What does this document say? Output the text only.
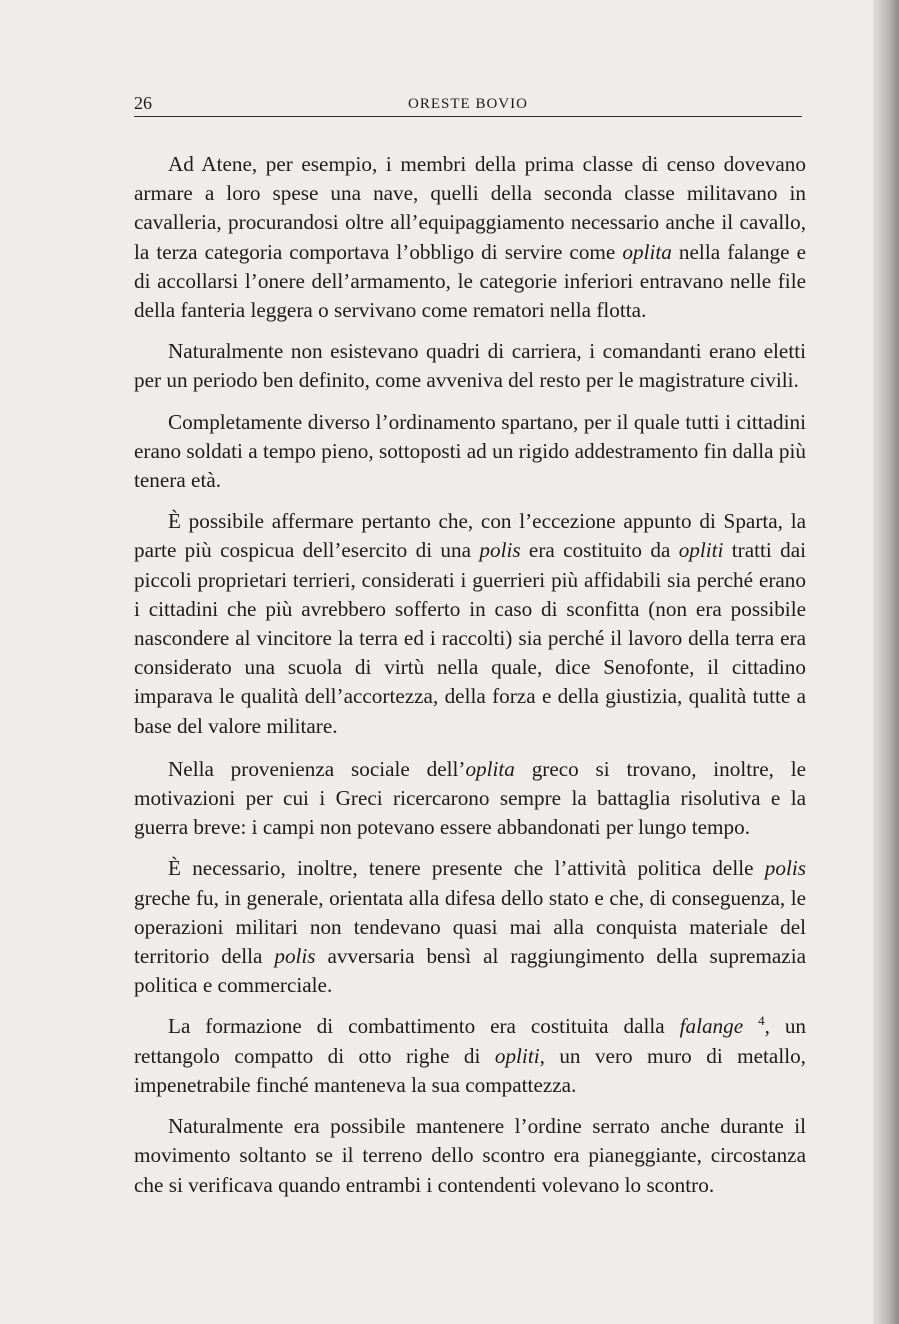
26	ORESTE BOVIO

Ad Atene, per esempio, i membri della prima classe di censo dovevano armare a loro spese una nave, quelli della seconda classe militavano in cavalleria, procurandosi oltre all’equipaggiamento necessario anche il cavallo, la terza categoria comportava l’obbligo di servire come oplita nella falange e di accollarsi l’onere dell’armamento, le categorie inferiori entravano nelle file della fanteria leggera o servivano come rematori nella flotta.

Naturalmente non esistevano quadri di carriera, i comandanti erano eletti per un periodo ben definito, come avveniva del resto per le magistrature civili.

Completamente diverso l’ordinamento spartano, per il quale tutti i cittadini erano soldati a tempo pieno, sottoposti ad un rigido addestramento fin dalla più tenera età.

È possibile affermare pertanto che, con l’eccezione appunto di Sparta, la parte più cospicua dell’esercito di una polis era costituito da opliti tratti dai piccoli proprietari terrieri, considerati i guerrieri più affidabili sia perché erano i cittadini che più avrebbero sofferto in caso di sconfitta (non era possibile nascondere al vincitore la terra ed i raccolti) sia perché il lavoro della terra era considerato una scuola di virtù nella quale, dice Senofonte, il cittadino imparava le qualità dell’accortezza, della forza e della giustizia, qualità tutte a base del valore militare.

Nella provenienza sociale dell’oplita greco si trovano, inoltre, le motivazioni per cui i Greci ricercarono sempre la battaglia risolutiva e la guerra breve: i campi non potevano essere abbandonati per lungo tempo.

È necessario, inoltre, tenere presente che l’attività politica delle polis greche fu, in generale, orientata alla difesa dello stato e che, di conseguenza, le operazioni militari non tendevano quasi mai alla conquista materiale del territorio della polis avversaria bensì al raggiungimento della supremazia politica e commerciale.

La formazione di combattimento era costituita dalla falange $^4$, un rettangolo compatto di otto righe di opliti, un vero muro di metallo, impenetrabile finché manteneva la sua compattezza.

Naturalmente era possibile mantenere l’ordine serrato anche durante il movimento soltanto se il terreno dello scontro era pianeggiante, circostanza che si verificava quando entrambi i contendenti volevano lo scontro.
